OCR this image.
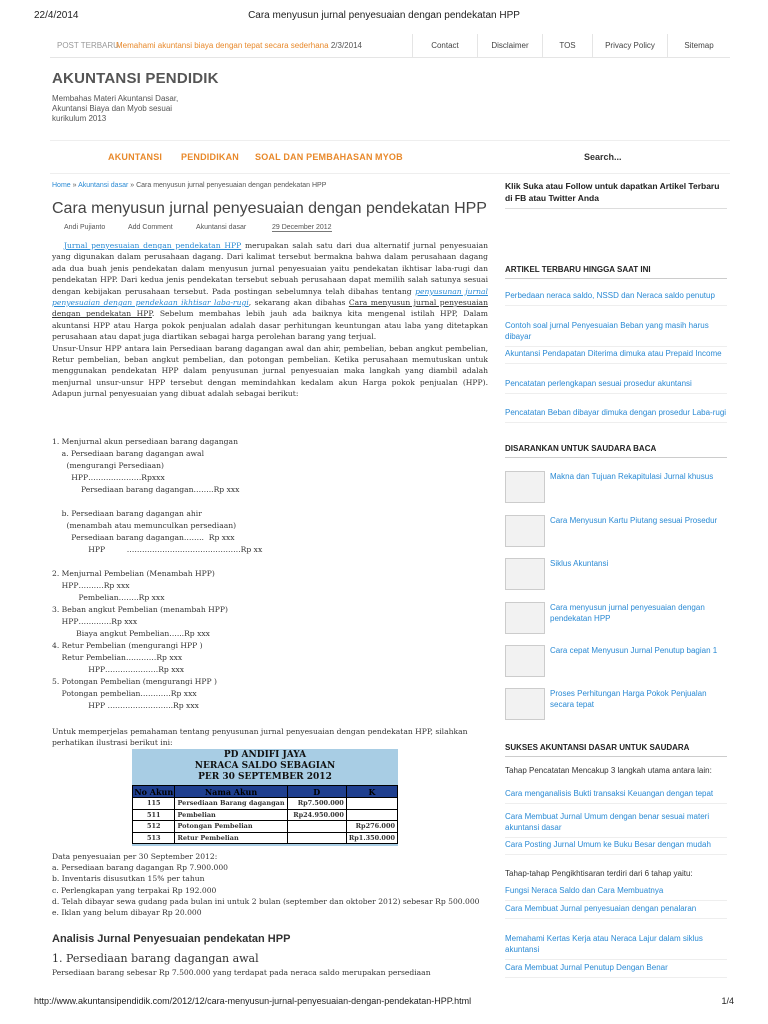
22/4/2014	Cara menyusun jurnal penyesuaian dengan pendekatan HPP
POST TERBARU
Memahami akuntansi biaya dengan tepat secara sederhana 2/3/2014	Contact	Disclaimer	TOS	Privacy Policy	Sitemap
AKUNTANSI PENDIDIK
Membahas Materi Akuntansi Dasar,
Akuntansi Biaya dan Myob sesuai
kurikulum 2013
AKUNTANSI PENDIDIKAN SOAL DAN PEMBAHASAN MYOB	Search...
Home » Akuntansi dasar » Cara menyusun jurnal penyesuaian dengan pendekatan HPP
Cara menyusun jurnal penyesuaian dengan pendekatan HPP
Andi Pujianto	Add Comment	Akuntansi dasar	29 December 2012

Jurnal penyesuaian dengan pendekatan HPP merupakan salah satu dari dua alternatif jurnal penyesuaian yang digunakan dalam perusahaan dagang. Dari kalimat tersebut bermakna bahwa dalam perusahaan dagang ada dua buah jenis pendekatan dalam menyusun jurnal penyesuaian yaitu pendekatan ikhtisar laba-rugi dan pendekatan HPP. Dari kedua jenis pendekatan tersebut sebuah perusahaan dapat memilih salah satunya sesuai dengan kebijakan perusahaan tersebut. Pada postingan sebelumnya telah dibahas tentang penyusunan jurnal penyesuaian dengan pendekaan ikhtisar laba-rugi, sekarang akan dibahas Cara menyusun jurnal penyesuaian dengan pendekatan HPP. Sebelum membahas lebih jauh ada baiknya kita mengenal istilah HPP, Dalam akuntansi HPP atau Harga pokok penjualan adalah dasar perhitungan keuntungan atau laba yang ditetapkan perusahaan atau dapat juga diartikan sebagai harga perolehan barang yang terjual.

Unsur-Unsur HPP antara lain Persediaan barang dagangan awal dan ahir, pembelian, beban angkut pembelian, Retur pembelian, beban angkut pembelian, dan potongan pembelian. Ketika perusahaan memutuskan untuk menggunakan pendekatan HPP dalam penyusunan jurnal penyesuaian maka langkah yang diambil adalah menjurnal unsur-unsur HPP tersebut dengan memindahkan kedalam akun Harga pokok penjualan (HPP). Adapun jurnal penyesuaian yang dibuat adalah sebagai berikut:

1. Menjurnal akun persediaan barang dagangan
a. Persediaan barang dagangan awal
(mengurangi Persediaan)
HPP…………………Rpxxx
Persediaan barang dagangan……..Rp xxx

b. Persediaan barang dagangan ahir
(menambah atau memunculkan persediaan)
Persediaan barang dagangan……..  Rp xxx
HPP         ………………………………………Rp xx

2. Menjurnal Pembelian (Menambah HPP)
HPP……….Rp xxx
Pembelian……..Rp xxx
3. Beban angkut Pembelian (menambah HPP)
HPP………….Rp xxx
Biaya angkut Pembelian…...Rp xxx
4. Retur Pembelian (mengurangi HPP )
Retur Pembelian…………Rp xxx
HPP…………………Rp xxx
5. Potongan Pembelian (mengurangi HPP )
Potongan pembelian…………Rp xxx
HPP ……………………..Rp xxx
Untuk memperjelas pemahaman tentang penyusunan jurnal penyesuaian dengan pendekatan HPP, silahkan perhatikan ilustrasi berikut ini:
PD ANDIFI JAYA
NERACA SALDO SEBAGIAN
PER 30 SEPTEMBER 2012
No Akun	Nama Akun	D	K
115	Persediaan Barang dagangan	Rp7.500.000	
511	Pembelian	Rp24.950.000	
512	Potongan Pembelian		Rp276.000
513	Retur Pembelian		Rp1.350.000
Data penyesuaian per 30 September 2012:
a. Persediaan barang dagangan Rp 7.900.000
b. Inventaris disusutkan 15% per tahun
c. Perlengkapan yang terpakai Rp 192.000
d. Telah dibayar sewa gudang pada bulan ini untuk 2 bulan (september dan oktober 2012) sebesar Rp 500.000
e. Iklan yang belum dibayar Rp 20.000
Analisis Jurnal Penyesuaian pendekatan HPP
1. Persediaan barang dagangan awal
Persediaan barang sebesar Rp 7.500.000 yang terdapat pada neraca saldo merupakan persediaan
Klik Suka atau Follow untuk dapatkan Artikel Terbaru di FB atau Twitter Anda
ARTIKEL TERBARU HINGGA SAAT INI
Perbedaan neraca saldo, NSSD dan Neraca saldo penutup
Contoh soal jurnal Penyesuaian Beban yang masih harus dibayar
Akuntansi Pendapatan Diterima dimuka atau Prepaid Income
Pencatatan perlengkapan sesuai prosedur akuntansi
Pencatatan Beban dibayar dimuka dengan prosedur Laba-rugi
DISARANKAN UNTUK SAUDARA BACA
Makna dan Tujuan Rekapitulasi Jurnal khusus
Cara Menyusun Kartu Piutang sesuai Prosedur
Siklus Akuntansi
Cara menyusun jurnal penyesuaian dengan pendekatan HPP
Cara cepat Menyusun Jurnal Penutup bagian 1
Proses Perhitungan Harga Pokok Penjualan secara tepat
SUKSES AKUNTANSI DASAR UNTUK SAUDARA
Tahap Pencatatan Mencakup 3 langkah utama antara lain:
Cara menganalisis Bukti transaksi Keuangan dengan tepat
Cara Membuat Jurnal Umum dengan benar sesuai materi akuntansi dasar
Cara Posting Jurnal Umum ke Buku Besar dengan mudah
Tahap-tahap Pengikhtisaran terdiri dari 6 tahap yaitu:
Fungsi Neraca Saldo dan Cara Membuatnya
Cara Membuat Jurnal penyesuaian dengan penalaran
Memahami Kertas Kerja atau Neraca Lajur dalam siklus akuntansi
Cara Membuat Jurnal Penutup Dengan Benar
http://www.akuntansipendidik.com/2012/12/cara-menyusun-jurnal-penyesuaian-dengan-pendekatan-HPP.html	1/4
